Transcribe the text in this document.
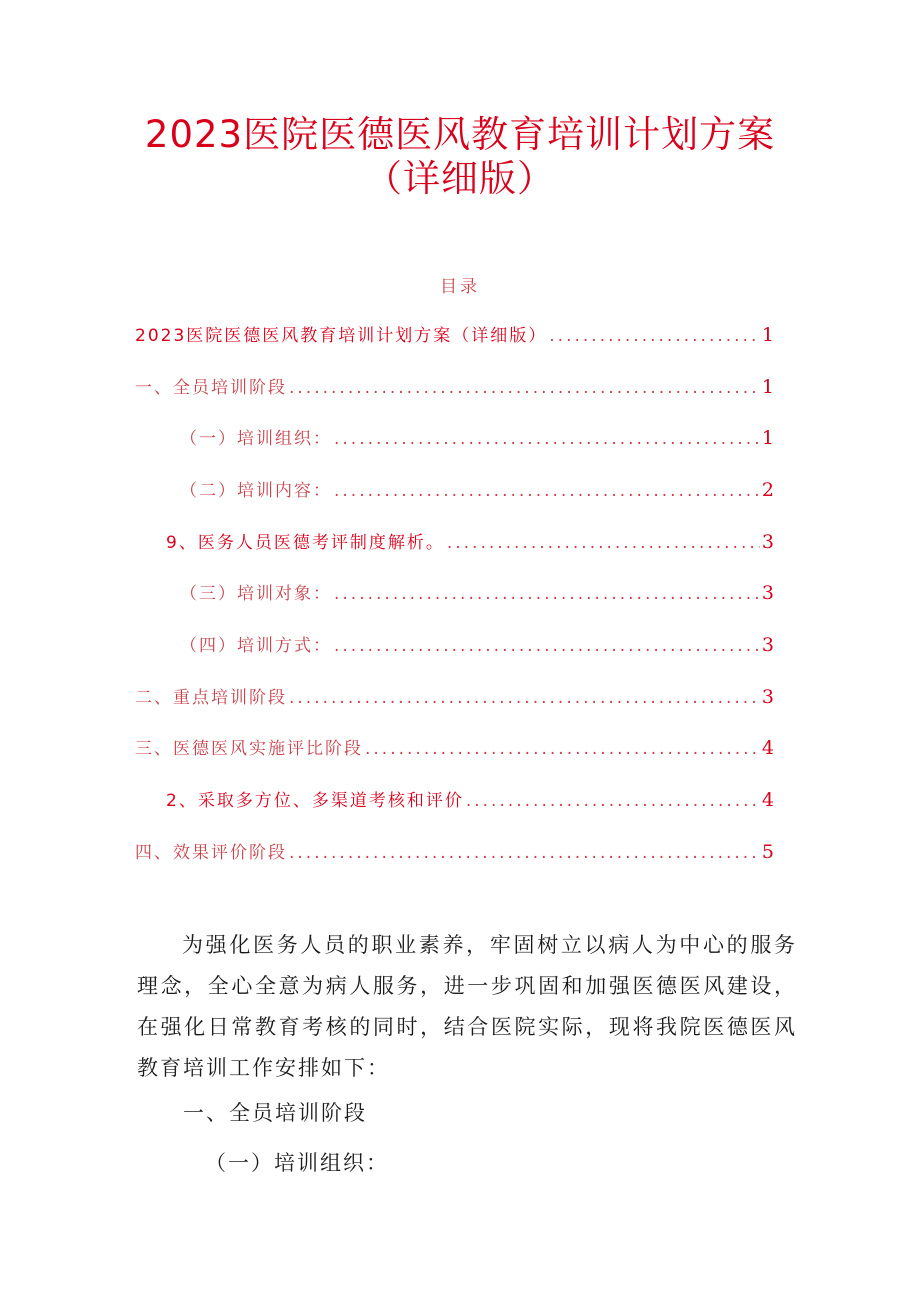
2023医院医德医风教育培训计划方案
（详细版）
目录
2023医院医德医风教育培训计划方案（详细版） .....	1
一、全员培训阶段 .....	1
（一）培训组织： .....	1
（二）培训内容： .....	2
9、医务人员医德考评制度解析。 .....	3
（三）培训对象： .....	3
（四）培训方式： .....	3
二、重点培训阶段 .....	3
三、医德医风实施评比阶段 .....	4
2、采取多方位、多渠道考核和评价 .....	4
四、效果评价阶段 .....	5

为强化医务人员的职业素养，牢固树立以病人为中心的服务理念，全心全意为病人服务，进一步巩固和加强医德医风建设，在强化日常教育考核的同时，结合医院实际，现将我院医德医风教育培训工作安排如下：

一、全员培训阶段
（一）培训组织：
